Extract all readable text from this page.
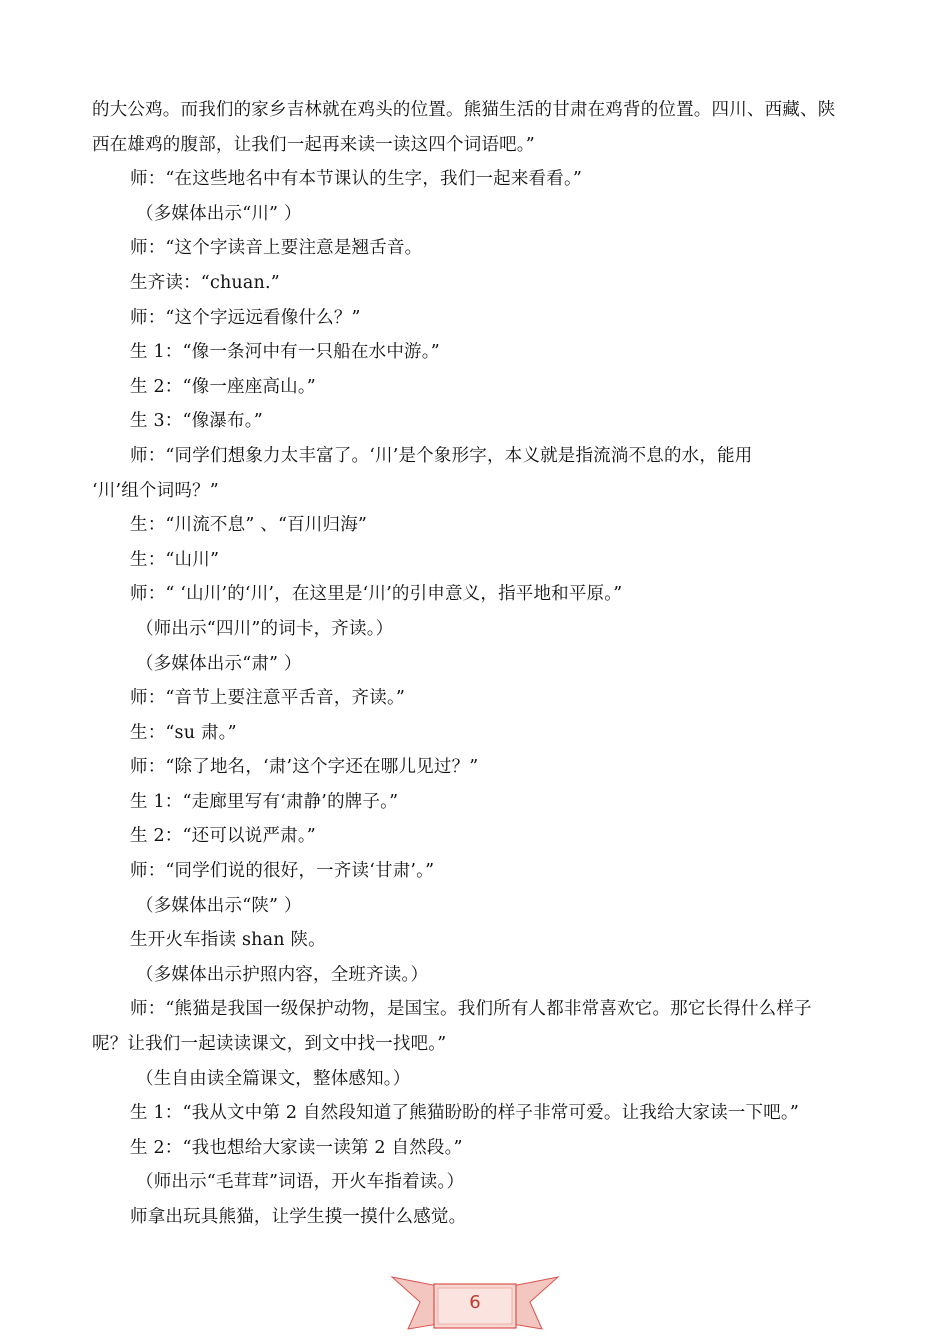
的大公鸡。而我们的家乡吉林就在鸡头的位置。熊猫生活的甘肃在鸡背的位置。四川、西藏、陕
西在雄鸡的腹部，让我们一起再来读一读这四个词语吧。”
师：“在这些地名中有本节课认的生字，我们一起来看看。”
（多媒体出示“川” ）
师：“这个字读音上要注意是翘舌音。
生齐读：“chuan.”
师：“这个字远远看像什么？”
生 1：“像一条河中有一只船在水中游。”
生 2：“像一座座高山。”
生 3：“像瀑布。”
师：“同学们想象力太丰富了。‘川’是个象形字，本义就是指流淌不息的水，能用
‘川’组个词吗？”
生：“川流不息” 、“百川归海”
生：“山川”
师：“ ‘山川’的‘川’，在这里是‘川’的引申意义，指平地和平原。”
（师出示“四川”的词卡，齐读。）
（多媒体出示“肃” ）
师：“音节上要注意平舌音，齐读。”
生：“su 肃。”
师：“除了地名，‘肃’这个字还在哪儿见过？”
生 1：“走廊里写有‘肃静’的牌子。”
生 2：“还可以说严肃。”
师：“同学们说的很好，一齐读‘甘肃’。”
（多媒体出示“陕” ）
生开火车指读 shan 陕。
（多媒体出示护照内容，全班齐读。）
师：“熊猫是我国一级保护动物，是国宝。我们所有人都非常喜欢它。那它长得什么样子
呢？让我们一起读读课文，到文中找一找吧。”
（生自由读全篇课文，整体感知。）
生 1：“我从文中第 2 自然段知道了熊猫盼盼的样子非常可爱。让我给大家读一下吧。”
生 2：“我也想给大家读一读第 2 自然段。”
（师出示“毛茸茸”词语，开火车指着读。）
师拿出玩具熊猫，让学生摸一摸什么感觉。
6
